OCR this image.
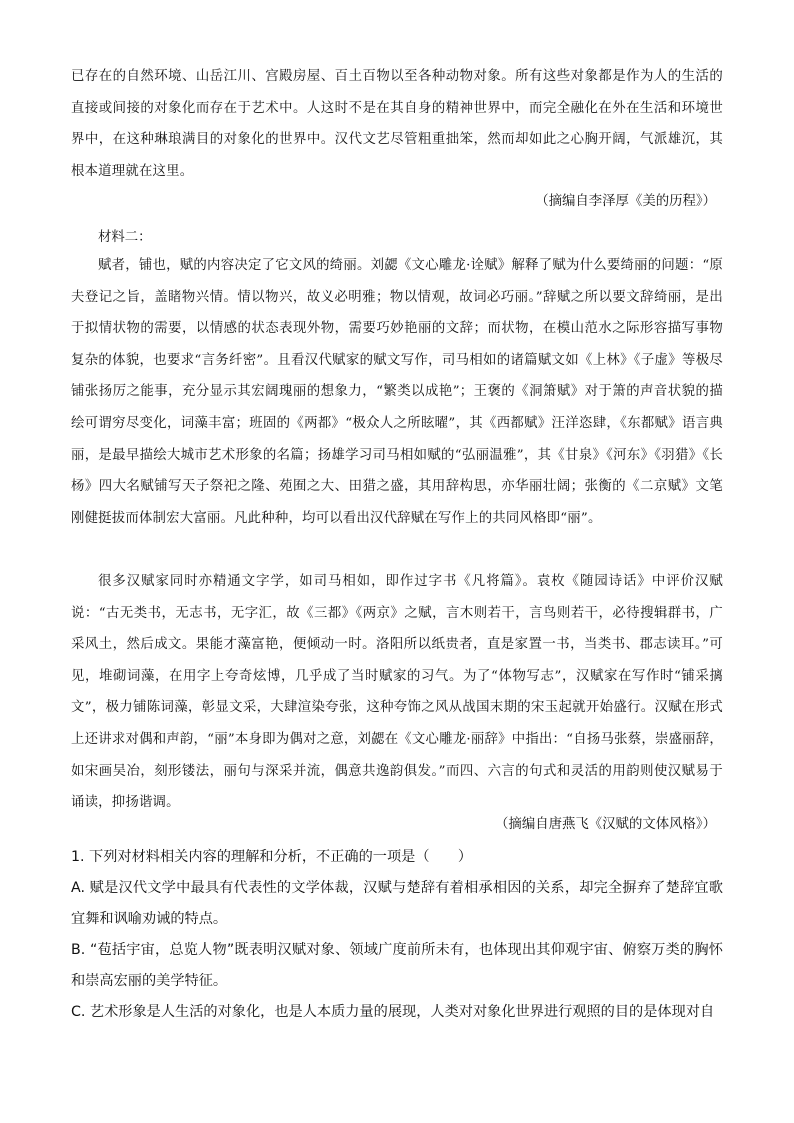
已存在的自然环境、山岳江川、宫殿房屋、百土百物以至各种动物对象。所有这些对象都是作为人的生活的直接或间接的对象化而存在于艺术中。人这时不是在其自身的精神世界中，而完全融化在外在生活和环境世界中，在这种琳琅满目的对象化的世界中。汉代文艺尽管粗重拙笨，然而却如此之心胸开阔，气派雄沉，其根本道理就在这里。

（摘编自李泽厚《美的历程》）
材料二：

赋者，铺也，赋的内容决定了它文风的绮丽。刘勰《文心雕龙·诠赋》解释了赋为什么要绮丽的问题：“原夫登记之旨，盖睹物兴情。情以物兴，故义必明雅；物以情观，故词必巧丽。”辞赋之所以要文辞绮丽，是出于拟情状物的需要，以情感的状态表现外物，需要巧妙艳丽的文辞；而状物，在模山范水之际形容描写事物复杂的体貌，也要求“言务纤密”。且看汉代赋家的赋文写作，司马相如的诸篇赋文如《上林》《子虚》等极尽铺张扬厉之能事，充分显示其宏阔瑰丽的想象力，“繁类以成艳”；王褒的《洞箫赋》对于箫的声音状貌的描绘可谓穷尽变化，词藻丰富；班固的《两都》“极众人之所眩曜”，其《西都赋》汪洋恣肆，《东都赋》语言典丽，是最早描绘大城市艺术形象的名篇；扬雄学习司马相如赋的“弘丽温雅”，其《甘泉》《河东》《羽猎》《长杨》四大名赋铺写天子祭祀之隆、苑囿之大、田猎之盛，其用辞构思，亦华丽壮阔；张衡的《二京赋》文笔刚健挺拔而体制宏大富丽。凡此种种，均可以看出汉代辞赋在写作上的共同风格即“丽”。

很多汉赋家同时亦精通文字学，如司马相如，即作过字书《凡将篇》。袁枚《随园诗话》中评价汉赋说：“古无类书，无志书，无字汇，故《三都》《两京》之赋，言木则若干，言鸟则若干，必待搜辑群书，广采风土，然后成文。果能才藻富艳，便倾动一时。洛阳所以纸贵者，直是家置一书，当类书、郡志读耳。”可见，堆砌词藻，在用字上夸奇炫博，几乎成了当时赋家的习气。为了“体物写志”，汉赋家在写作时“铺采摛文”，极力铺陈词藻，彰显文采，大肆渲染夸张，这种夸饰之风从战国末期的宋玉起就开始盛行。汉赋在形式上还讲求对偶和声韵，“丽”本身即为偶对之意，刘勰在《文心雕龙·丽辞》中指出：“自扬马张蔡，崇盛丽辞，如宋画吴冶，刻形镂法，丽句与深采并流，偶意共逸韵俱发。”而四、六言的句式和灵活的用韵则使汉赋易于诵读，抑扬谐调。

（摘编自唐燕飞《汉赋的文体风格》）

1. 下列对材料相关内容的理解和分析，不正确的一项是（　　）

A. 赋是汉代文学中最具有代表性的文学体裁，汉赋与楚辞有着相承相因的关系，却完全摒弃了楚辞宜歌宜舞和讽喻劝诫的特点。

B. “苞括宇宙，总览人物”既表明汉赋对象、领域广度前所未有，也体现出其仰观宇宙、俯察万类的胸怀和崇高宏丽的美学特征。

C. 艺术形象是人生活的对象化，也是人本质力量的展现，人类对对象化世界进行观照的目的是体现对自
